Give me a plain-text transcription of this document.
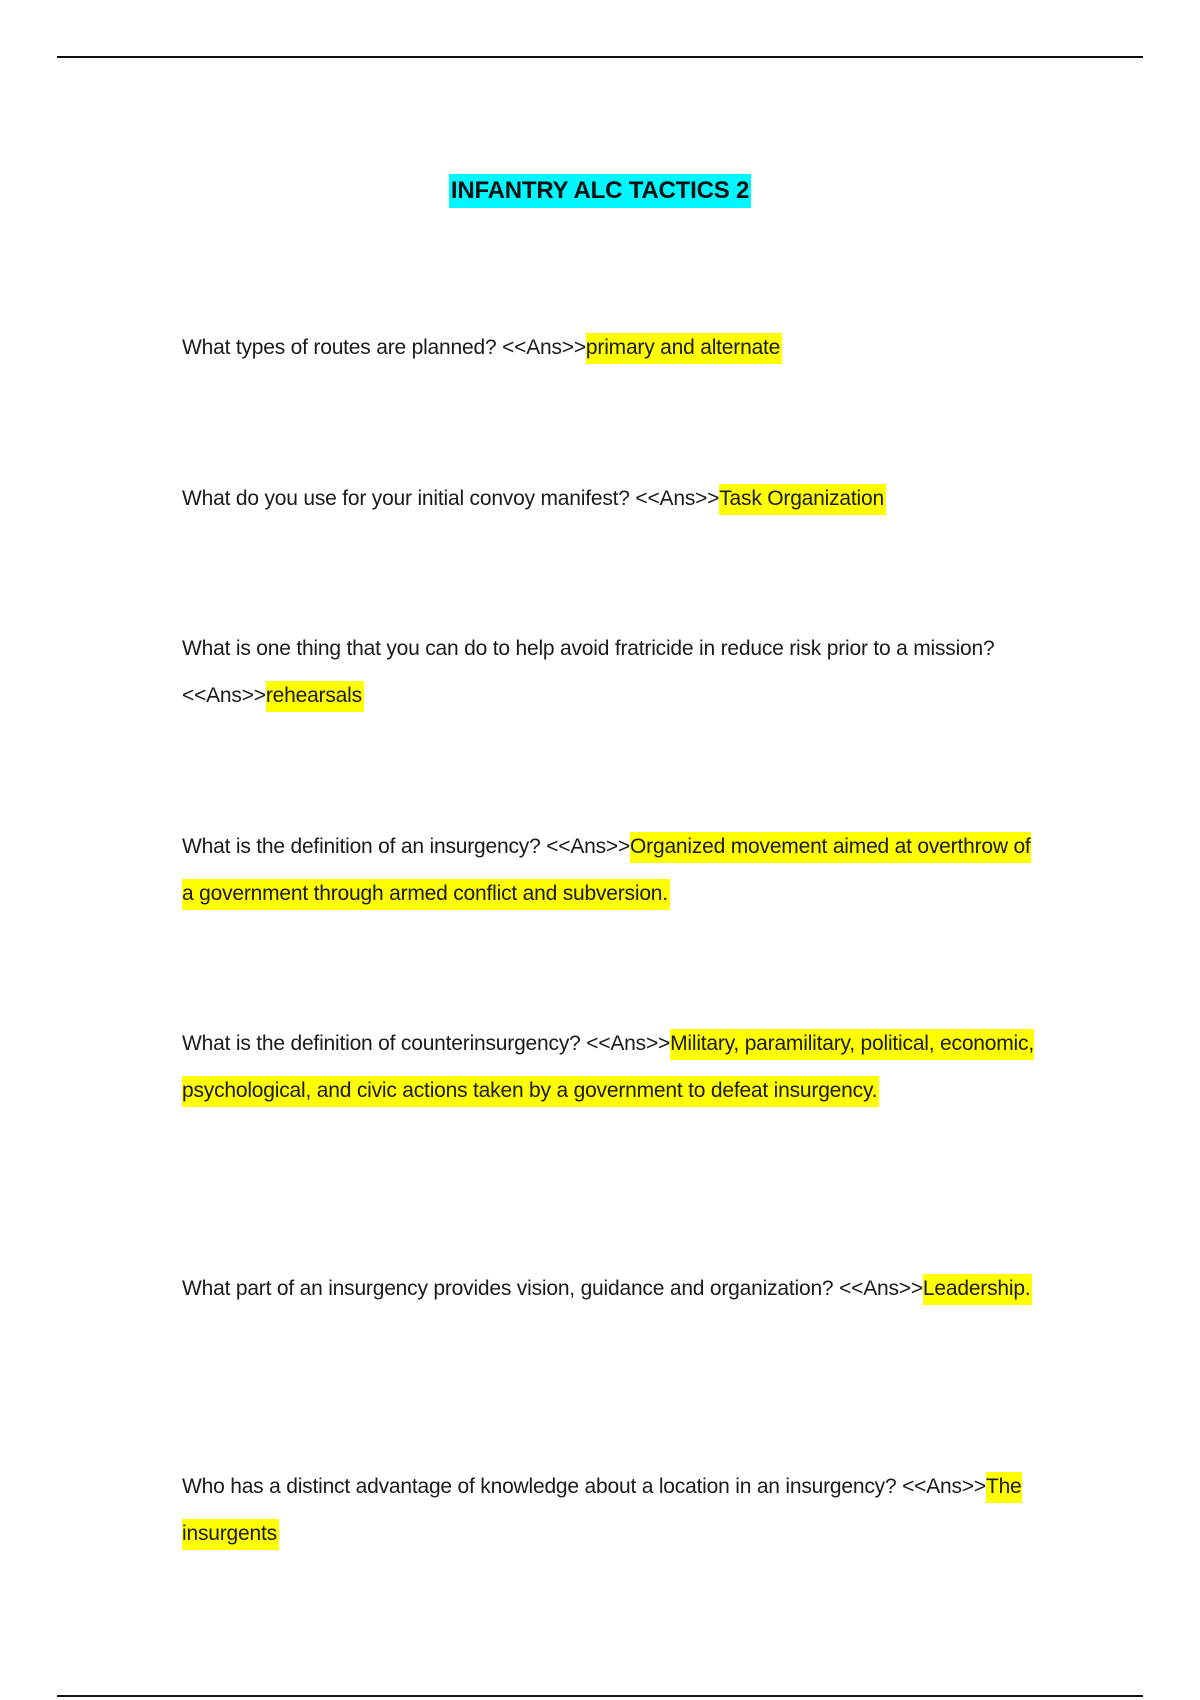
INFANTRY ALC TACTICS 2
What types of routes are planned? <<Ans>>primary and alternate
What do you use for your initial convoy manifest? <<Ans>>Task Organization
What is one thing that you can do to help avoid fratricide in reduce risk prior to a mission? <<Ans>>rehearsals
What is the definition of an insurgency? <<Ans>>Organized movement aimed at overthrow of a government through armed conflict and subversion.
What is the definition of counterinsurgency? <<Ans>>Military, paramilitary, political, economic, psychological, and civic actions taken by a government to defeat insurgency.
What part of an insurgency provides vision, guidance and organization? <<Ans>>Leadership.
Who has a distinct advantage of knowledge about a location in an insurgency? <<Ans>>The insurgents
